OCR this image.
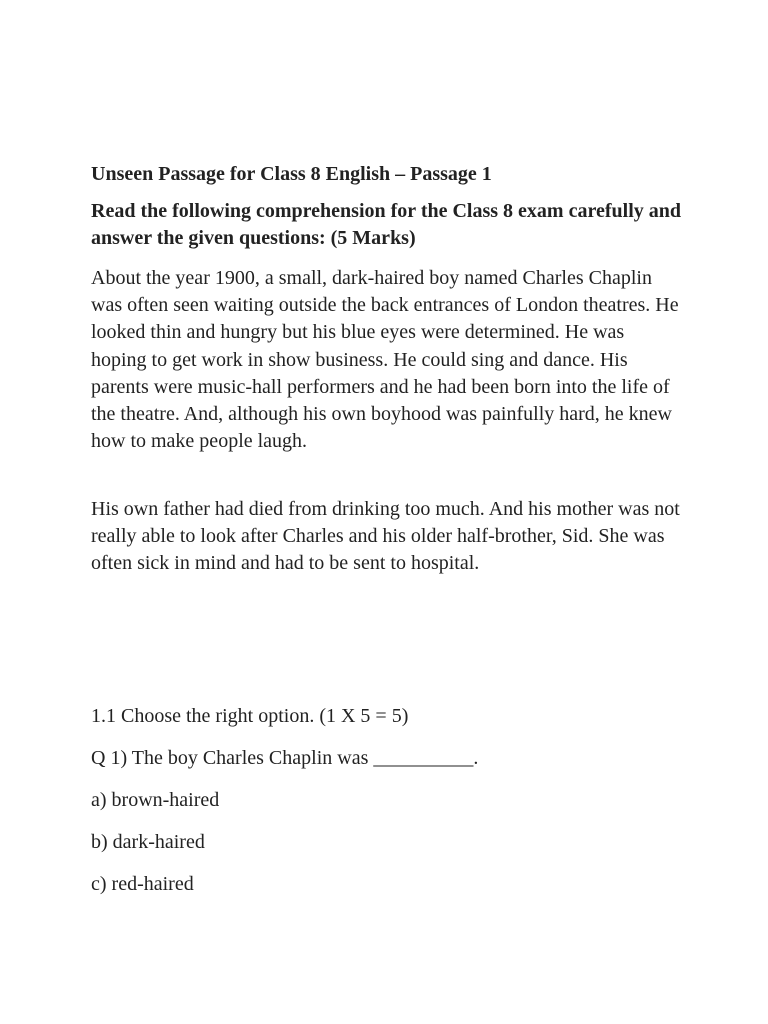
Unseen Passage for Class 8 English – Passage 1

Read the following comprehension for the Class 8 exam carefully and answer the given questions: (5 Marks)

About the year 1900, a small, dark-haired boy named Charles Chaplin was often seen waiting outside the back entrances of London theatres. He looked thin and hungry but his blue eyes were determined. He was hoping to get work in show business. He could sing and dance. His parents were music-hall performers and he had been born into the life of the theatre. And, although his own boyhood was painfully hard, he knew how to make people laugh.

His own father had died from drinking too much. And his mother was not really able to look after Charles and his older half-brother, Sid. She was often sick in mind and had to be sent to hospital.

1.1 Choose the right option. (1 X 5 = 5)

Q 1) The boy Charles Chaplin was __________.

a) brown-haired

b) dark-haired

c) red-haired
